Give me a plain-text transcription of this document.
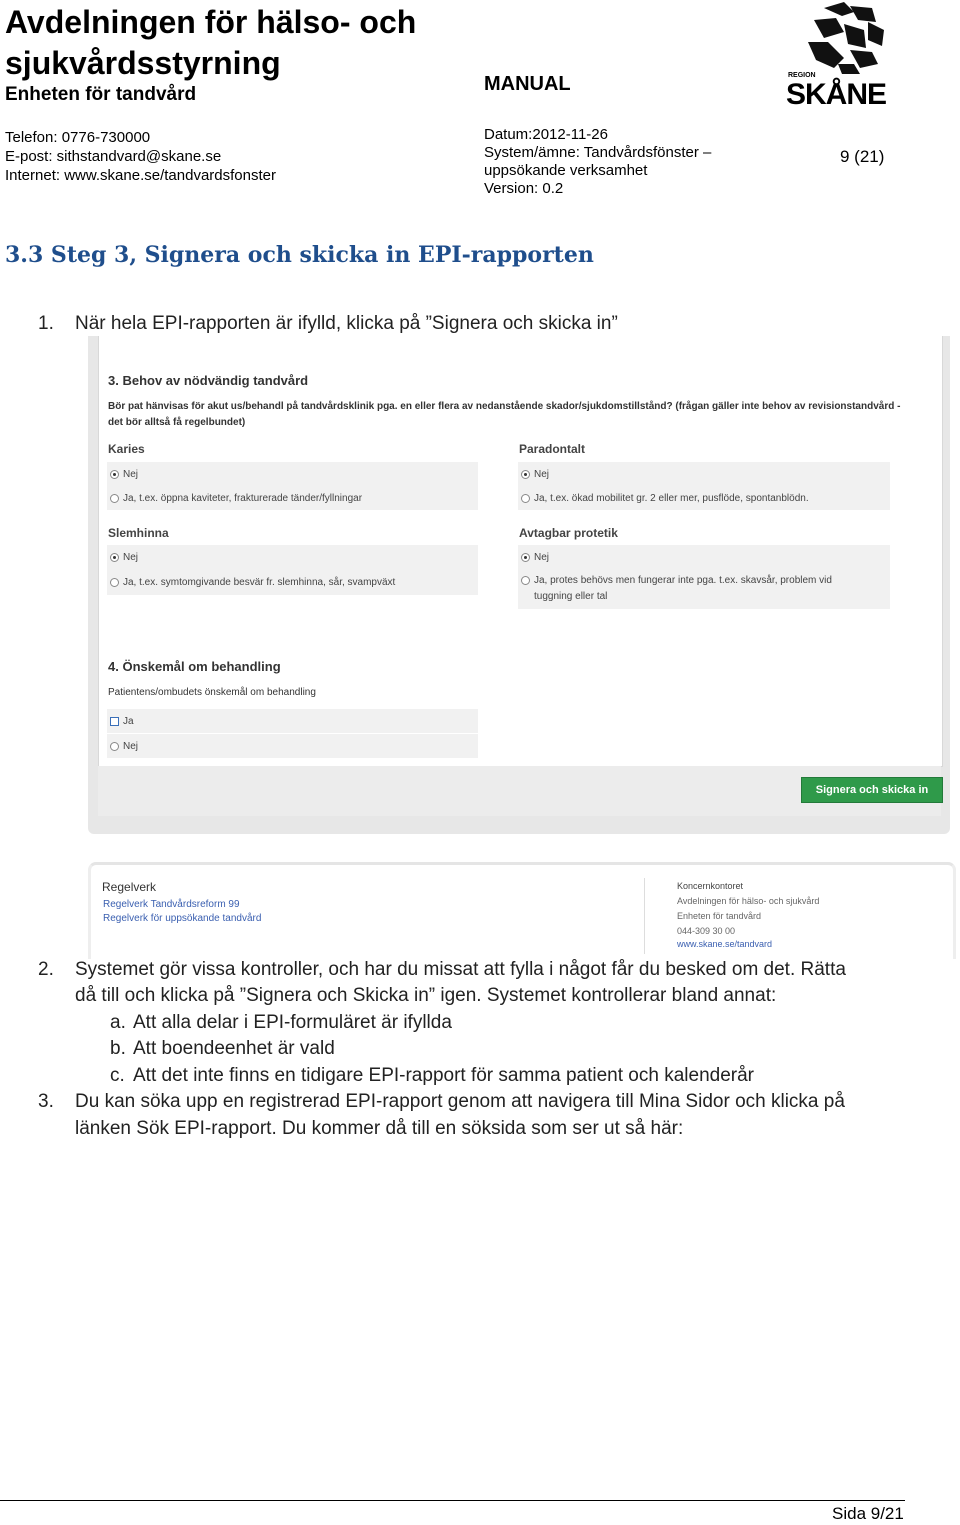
Avdelningen för hälso- och
sjukvårdsstyrning
Enheten för tandvård	MANUAL
Telefon: 0776-730000
E-post: sithstandvard@skane.se
Internet: www.skane.se/tandvardsfonster
Datum:2012-11-26
System/ämne: Tandvårdsfönster –
uppsökande verksamhet
Version: 0.2
9 (21)
REGION
SKÅNE
3.3 Steg 3, Signera och skicka in EPI-rapporten
1. När hela EPI-rapporten är ifylld, klicka på ”Signera och skicka in”
3. Behov av nödvändig tandvård
Bör pat hänvisas för akut us/behandl på tandvårdsklinik pga. en eller flera av nedanstående skador/sjukdomstillstånd? (frågan gäller inte behov av revisionstandvård -
det bör alltså få regelbundet)
Karies
Nej
Ja, t.ex. öppna kaviteter, frakturerade tänder/fyllningar
Paradontalt
Nej
Ja, t.ex. ökad mobilitet gr. 2 eller mer, pusflöde, spontanblödn.
Slemhinna
Nej
Ja, t.ex. symtomgivande besvär fr. slemhinna, sår, svampväxt
Avtagbar protetik
Nej
Ja, protes behövs men fungerar inte pga. t.ex. skavsår, problem vid
tuggning eller tal
4. Önskemål om behandling
Patientens/ombudets önskemål om behandling
Ja
Nej
Signera och skicka in
Regelverk
Regelverk Tandvårdsreform 99
Regelverk för uppsökande tandvård
Koncernkontoret
Avdelningen för hälso- och sjukvård
Enheten för tandvård
044-309 30 00
www.skane.se/tandvard
2. Systemet gör vissa kontroller, och har du missat att fylla i något får du besked om det. Rätta
då till och klicka på ”Signera och Skicka in” igen. Systemet kontrollerar bland annat:
a. Att alla delar i EPI-formuläret är ifyllda
b. Att boendeenhet är vald
c. Att det inte finns en tidigare EPI-rapport för samma patient och kalenderår
3. Du kan söka upp en registrerad EPI-rapport genom att navigera till Mina Sidor och klicka på
länken Sök EPI-rapport. Du kommer då till en söksida som ser ut så här:
Sida 9/21
